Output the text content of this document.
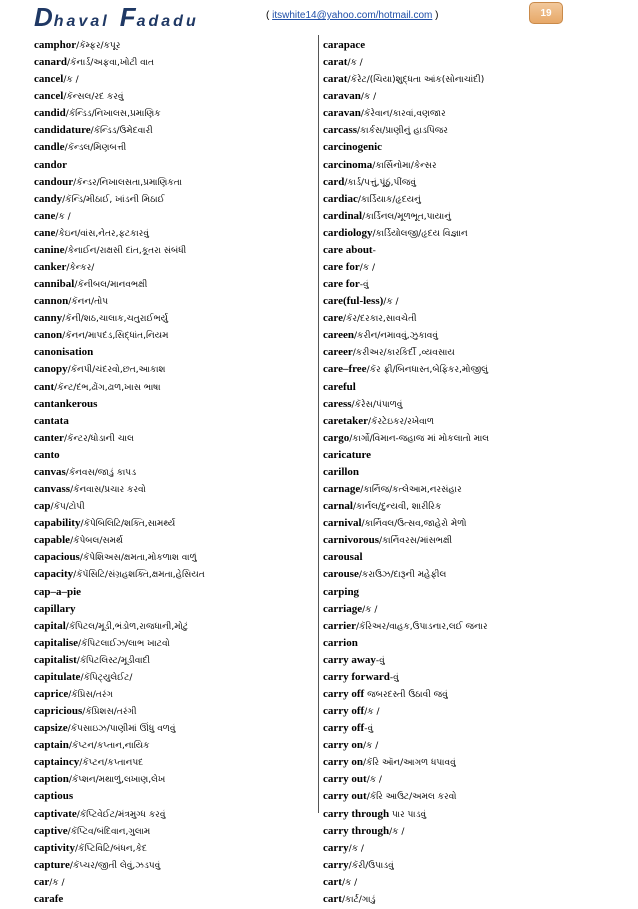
Dhaval Fadadu	( itswhite14@yahoo.com/hotmail.com )	19
camphor/કૅમ્ફર/કપૂર
canard/કૅનાર્ડ/અફવા,ખોટી વાત
cancel/ક /
cancel/કૅન્સલ/રદ કરવું
candid/કૅન્ડિડ/નિખાલસ,પ્રમાણિક
candidature/કૅન્ડિડ/ઉમેદવારી
candle/કૅન્ડલ/મિણબત્તી
candor
candour/કૅન્ડર/નિખાલસતા,પ્રમાણિકતા
candy/કૅન્ડિ/મીઠાઈ, ખાંડની મિઠાઈ
cane/ક /
cane/કેઇન/વાંસ,નેતર,ફટકારવું
canine/કેનાઈન/રાક્ષસી દાંત,કૂતરા સંબંધી
canker/કેન્કર/
cannibal/કૅનીબલ/માનવભક્ષી
cannon/કૅનન/તોપ
canny/કૅની/શઠ,ચાલાક,ચતુરાઈભર્યુ
canon/કૅનન/માપદંડ,સિદ્ધાંત,નિયમ
canonisation
canopy/કૅનપી/ચંદરવો,છત,આકાશ
cant/કૅન્ટ/દંભ,ઢોંગ,ઢાળ,ખાસ ભાષા
cantankerous
cantata
canter/કૅન્ટર/ધોડાની ચાલ
canto
canvas/કૅનવસ/જાડું કાપડ
canvass/કૅનવાસ/પ્રચાર કરવો
cap/કૅપ/ટોપી
capability/કૅપેબિલિટિ/શક્તિ,સામર્થ્ય
capable/કૅપેબલ/સમર્થ
capacious/કૅપેશિઅસ/ક્ષમતા,મોકળાશ વાળું
capacity/કૅપૅસિટિ/સંગ્રહશક્તિ,ક્ષમતા,હેસિયત
cap–a–pie
capillary
capital/કૅપિટલ/મૂડી,ભંડોળ,રાજધાની,મોટું
capitalise/કૅપિટલાઈઝ/લાભ ખાટવો
capitalist/કૅપિટલિસ્ટ/મૂડીવાદી
capitulate/કૅપિટ્યુલેઈટ/
caprice/કૅપ્રિસ/તરંગ
capricious/કૅપ્રિશસ/તરંગી
capsize/કૅપસાઇઝ/પાણીમાં ઊંધુ વળવું
captain/કૅપ્ટન/કપ્તાન,નાયિક
captaincy/કૅપ્ટન/કપ્તાનપદ
caption/કૅપ્શન/મથાળું,લખાણ,લેખ
captious
captivate/કૅપ્ટિવેઈટ/મંત્રમુગ્ધ કરવું
captive/કૅપ્ટિવ/બંદિવાન,ગુલામ
captivity/કૅપ્ટિવિટિ/બંધન,કેદ
capture/કૅપ્ચર/જીતી લેવું,ઝડપવું
car/ક /
carafe
carapace
carat/ક /
carat/કૅરેટ/(ચિયા)શુદ્ધતા આંક(સોનાચાંદી)
caravan/ક /
caravan/કૅરેવાન/કારવાં,વણજાર
carcass/કાર્કસ/પ્રાણીનું હાડપિંજર
carcinogenic
carcinoma/કાર્સિનોમા/કેન્સર
card/કાર્ડ/પત્તું,પૂંઠું,પીંજવું
cardiac/કાર્ડિયાક/હૃદયનું
cardinal/કાર્ડિનલ/મૂળભૂત,પાયાનું
cardiology/કાર્ડિયોલજી/હૃદય વિજ્ઞાન
care about-
care for/ક /
care for-વું
care(ful-less)/ક /
care/કૅર/દરકાર,સાવચેતી
careen/કરીન/નમાવવું,ઝુકાવવું
career/કરીઅર/કારકિર્દી ,વ્યવસાય
care–free/કૅર ફ્રી/બિનધાસ્ત,બેફિકર,મોજીલું
careful
caress/કૅરેસ/પંપાળવું
caretaker/કૅરટેઇકર/રખેવાળ
cargo/કાર્ગો/વિમાન-જહાજ માં મોકલાતો માલ
caricature
carillon
carnage/કાર્નિજ/કત્લેઆમ,નરસંહાર
carnal/કાર્નલ/દુન્યવી, શારીરિક
carnival/કાર્નિવલ/ઉત્સવ,જાહેરો મેળો
carnivorous/કાર્નિવરસ/માંસભક્ષી
carousal
carouse/કરાઉઝ/દારૂની મહેફીલ
carping
carriage/ક /
carrier/કૅરિઅર/વાહક,ઉપાડનાર,લઈ જનાર
carrion
carry away-વું
carry forward-વું
carry off જબરદસ્તી ઉઠાવી જવું
carry off/ક /
carry off-વું
carry on/ક /
carry on/કૅરિ ઑન/આગળ ધપાવવું
carry out/ક /
carry out/કૅરિ આઉટ/અમલ કરવો
carry through પાર પાડવું
carry through/ક /
carry/ક /
carry/કૅરી/ઉપાડવું
cart/ક /
cart/કાર્ટ/ગાડું
